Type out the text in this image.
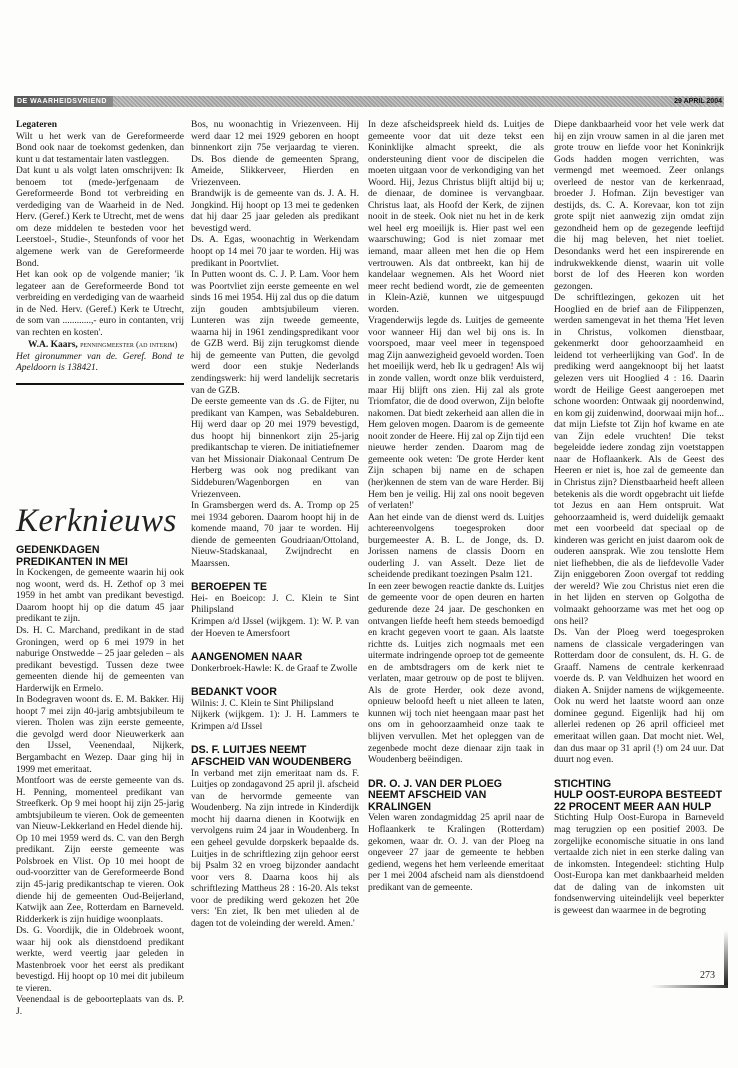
DE WAARHEIDSVRIEND	29 APRIL 2004

Legateren

Wilt u het werk van de Gereformeerde Bond ook naar de toekomst gedenken, dan kunt u dat testamentair laten vastleggen.

Dat kunt u als volgt laten omschrijven: Ik benoem tot (mede-)erfgenaam de Gereformeerde Bond tot verbreiding en verdediging van de Waarheid in de Ned. Herv. (Geref.) Kerk te Utrecht, met de wens om deze middelen te besteden voor het Leerstoel-, Studie-, Steunfonds of voor het algemene werk van de Gereformeerde Bond.

Het kan ook op de volgende manier; 'ik legateer aan de Gereformeerde Bond tot verbreiding en verdediging van de waarheid in de Ned. Herv. (Geref.) Kerk te Utrecht, de som van ............,- euro in contanten, vrij van rechten en kosten'.

W.A. Kaars, penningmeester (ad interim)

Het gironummer van de. Geref. Bond te Apeldoorn is 138421.

Kerknieuws
GEDENKDAGEN
PREDIKANTEN IN MEI

In Kockengen, de gemeente waarin hij ook nog woont, werd ds. H. Zethof op 3 mei 1959 in het ambt van predikant bevestigd. Daarom hoopt hij op die datum 45 jaar predikant te zijn.

Ds. H. C. Marchand, predikant in de stad Groningen, werd op 6 mei 1979 in het naburige Onstwedde – 25 jaar geleden – als predikant bevestigd. Tussen deze twee gemeenten diende hij de gemeenten van Harderwijk en Ermelo.

In Bodegraven woont ds. E. M. Bakker. Hij hoopt 7 mei zijn 40-jarig ambtsjubileum te vieren. Tholen was zijn eerste gemeente, die gevolgd werd door Nieuwerkerk aan den IJssel, Veenendaal, Nijkerk, Bergambacht en Wezep. Daar ging hij in 1999 met emeritaat.

Montfoort was de eerste gemeente van ds. H. Penning, momenteel predikant van Streefkerk. Op 9 mei hoopt hij zijn 25-jarig ambtsjubileum te vieren. Ook de gemeenten van Nieuw-Lekkerland en Hedel diende hij.

Op 10 mei 1959 werd ds. C. van den Bergh predikant. Zijn eerste gemeente was Polsbroek en Vlist. Op 10 mei hoopt de oud-voorzitter van de Gereformeerde Bond zijn 45-jarig predikantschap te vieren. Ook diende hij de gemeenten Oud-Beijerland, Katwijk aan Zee, Rotterdam en Barneveld. Ridderkerk is zijn huidige woonplaats.

Ds. G. Voordijk, die in Oldebroek woont, waar hij ook als dienstdoend predikant werkte, werd veertig jaar geleden in Mastenbroek voor het eerst als predikant bevestigd. Hij hoopt op 10 mei dit jubileum te vieren.

Veenendaal is de geboorteplaats van ds. P. J.

Bos, nu woonachtig in Vriezenveen. Hij werd daar 12 mei 1929 geboren en hoopt binnenkort zijn 75e verjaardag te vieren. Ds. Bos diende de gemeenten Sprang, Ameide, Slikkerveer, Hierden en Vriezenveen.

Brandwijk is de gemeente van ds. J. A. H. Jongkind. Hij hoopt op 13 mei te gedenken dat hij daar 25 jaar geleden als predikant bevestigd werd.

Ds. A. Egas, woonachtig in Werkendam hoopt op 14 mei 70 jaar te worden. Hij was predikant in Poortvliet.

In Putten woont ds. C. J. P. Lam. Voor hem was Poortvliet zijn eerste gemeente en wel sinds 16 mei 1954. Hij zal dus op die datum zijn gouden ambtsjubileum vieren. Lunteren was zijn tweede gemeente, waarna hij in 1961 zendingspredikant voor de GZB werd. Bij zijn terugkomst diende hij de gemeente van Putten, die gevolgd werd door een stukje Nederlands zendingswerk: hij werd landelijk secretaris van de GZB.

De eerste gemeente van ds .G. de Fijter, nu predikant van Kampen, was Sebaldeburen. Hij werd daar op 20 mei 1979 bevestigd, dus hoopt hij binnenkort zijn 25-jarig predikantschap te vieren. De initiatiefnemer van het Missionair Diakonaal Centrum De Herberg was ook nog predikant van Siddeburen/Wagenborgen en van Vriezenveen.

In Gramsbergen werd ds. A. Tromp op 25 mei 1934 geboren. Daarom hoopt hij in de komende maand, 70 jaar te worden. Hij diende de gemeenten Goudriaan/Ottoland, Nieuw-Stadskanaal, Zwijndrecht en Maarssen.

BEROEPEN TE

Hei- en Boeicop: J. C. Klein te Sint Philipsland

Krimpen a/d IJssel (wijkgem. 1): W. P. van der Hoeven te Amersfoort

AANGENOMEN NAAR

Donkerbroek-Hawle: K. de Graaf te Zwolle

BEDANKT VOOR

Wilnis: J. C. Klein te Sint Philipsland

Nijkerk (wijkgem. 1): J. H. Lammers te Krimpen a/d IJssel

DS. F. LUITJES NEEMT
AFSCHEID VAN WOUDENBERG

In verband met zijn emeritaat nam ds. F. Luitjes op zondagavond 25 april jl. afscheid van de hervormde gemeente van Woudenberg. Na zijn intrede in Kinderdijk mocht hij daarna dienen in Kootwijk en vervolgens ruim 24 jaar in Woudenberg. In een geheel gevulde dorpskerk bepaalde ds. Luitjes in de schriftlezing zijn gehoor eerst bij Psalm 32 en vroeg bijzonder aandacht voor vers 8. Daarna koos hij als schriftlezing Mattheus 28 : 16-20. Als tekst voor de prediking werd gekozen het 20e vers: 'En ziet, Ik ben met ulieden al de dagen tot de voleinding der wereld. Amen.'

In deze afscheidspreek hield ds. Luitjes de gemeente voor dat uit deze tekst een Koninklijke almacht spreekt, die als ondersteuning dient voor de discipelen die moeten uitgaan voor de verkondiging van het Woord. Hij, Jezus Christus blijft altijd bij u; de dienaar, de dominee is vervangbaar. Christus laat, als Hoofd der Kerk, de zijnen nooit in de steek. Ook niet nu het in de kerk wel heel erg moeilijk is. Hier past wel een waarschuwing; God is niet zomaar met iemand, maar alleen met hen die op Hem vertrouwen. Als dat ontbreekt, kan hij de kandelaar wegnemen. Als het Woord niet meer recht bediend wordt, zie de gemeenten in Klein-Azië, kunnen we uitgespuugd worden.

Vragenderwijs legde ds. Luitjes de gemeente voor wanneer Hij dan wel bij ons is. In voorspoed, maar veel meer in tegenspoed mag Zijn aanwezigheid gevoeld worden. Toen het moeilijk werd, heb Ik u gedragen! Als wij in zonde vallen, wordt onze blik verduisterd, maar Hij blijft ons zien. Hij zal als grote Triomfator, die de dood overwon, Zijn belofte nakomen. Dat biedt zekerheid aan allen die in Hem geloven mogen. Daarom is de gemeente nooit zonder de Heere. Hij zal op Zijn tijd een nieuwe herder zenden. Daarom mag de gemeente ook weten: 'De grote Herder kent Zijn schapen bij name en de schapen (her)kennen de stem van de ware Herder. Bij Hem ben je veilig. Hij zal ons nooit begeven of verlaten!'

Aan het einde van de dienst werd ds. Luitjes achtereenvolgens toegesproken door burgemeester A. B. L. de Jonge, ds. D. Jorissen namens de classis Doorn en ouderling J. van Asselt. Deze liet de scheidende predikant toezingen Psalm 121.

In een zeer bewogen reactie dankte ds. Luitjes de gemeente voor de open deuren en harten gedurende deze 24 jaar. De geschonken en ontvangen liefde heeft hem steeds bemoedigd en kracht gegeven voort te gaan. Als laatste richtte ds. Luitjes zich nogmaals met een uitermate indringende oproep tot de gemeente en de ambtsdragers om de kerk niet te verlaten, maar getrouw op de post te blijven. Als de grote Herder, ook deze avond, opnieuw beloofd heeft u niet alleen te laten, kunnen wij toch niet heengaan maar past het ons om in gehoorzaamheid onze taak te blijven vervullen. Met het opleggen van de zegenbede mocht deze dienaar zijn taak in Woudenberg beëindigen.

DR. O. J. VAN DER PLOEG
NEEMT AFSCHEID VAN KRALINGEN

Velen waren zondagmiddag 25 april naar de Hoflaankerk te Kralingen (Rotterdam) gekomen, waar dr. O. J. van der Ploeg na ongeveer 27 jaar de gemeente te hebben gediend, wegens het hem verleende emeritaat per 1 mei 2004 afscheid nam als dienstdoend predikant van de gemeente.

Diepe dankbaarheid voor het vele werk dat hij en zijn vrouw samen in al die jaren met grote trouw en liefde voor het Koninkrijk Gods hadden mogen verrichten, was vermengd met weemoed. Zeer onlangs overleed de nestor van de kerkenraad, broeder J. Hofman. Zijn bevestiger van destijds, ds. C. A. Korevaar, kon tot zijn grote spijt niet aanwezig zijn omdat zijn gezondheid hem op de gezegende leeftijd die hij mag beleven, het niet toeliet. Desondanks werd het een inspirerende en indrukwekkende dienst, waarin uit volle borst de lof des Heeren kon worden gezongen.

De schriftlezingen, gekozen uit het Hooglied en de brief aan de Filippenzen, werden samengevat in het thema 'Het leven in Christus, volkomen dienstbaar, gekenmerkt door gehoorzaamheid en leidend tot verheerlijking van God'. In de prediking werd aangeknoopt bij het laatst gelezen vers uit Hooglied 4 : 16. Daarin wordt de Heilige Geest aangeroepen met schone woorden: Ontwaak gij noordenwind, en kom gij zuidenwind, doorwaai mijn hof... dat mijn Liefste tot Zijn hof kwame en ate van Zijn edele vruchten! Die tekst begeleidde iedere zondag zijn voetstappen naar de Hoflaankerk. Als de Geest des Heeren er niet is, hoe zal de gemeente dan in Christus zijn? Dienstbaarheid heeft alleen betekenis als die wordt opgebracht uit liefde tot Jezus en aan Hem ontspruit. Wat gehoorzaamheid is, werd duidelijk gemaakt met een voorbeeld dat speciaal op de kinderen was gericht en juist daarom ook de ouderen aansprak. Wie zou tenslotte Hem niet liefhebben, die als de liefdevolle Vader Zijn eniggeboren Zoon overgaf tot redding der wereld? Wie zou Christus niet eren die in het lijden en sterven op Golgotha de volmaakt gehoorzame was met het oog op ons heil?

Ds. Van der Ploeg werd toegesproken namens de classicale vergaderingen van Rotterdam door de consulent, ds. H. G. de Graaff. Namens de centrale kerkenraad voerde ds. P. van Veldhuizen het woord en diaken A. Snijder namens de wijkgemeente. Ook nu werd het laatste woord aan onze dominee gegund. Eigenlijk had hij om allerlei redenen op 26 april officieel met emeritaat willen gaan. Dat mocht niet. Wel, dan dus maar op 31 april (!) om 24 uur. Dat duurt nog even.

STICHTING
HULP OOST-EUROPA BESTEEDT
22 PROCENT MEER AAN HULP

Stichting Hulp Oost-Europa in Barneveld mag terugzien op een positief 2003. De zorgelijke economische situatie in ons land vertaalde zich niet in een sterke daling van de inkomsten. Integendeel: stichting Hulp Oost-Europa kan met dankbaarheid melden dat de daling van de inkomsten uit fondsenwerving uiteindelijk veel beperkter is geweest dan waarmee in de begroting

273
